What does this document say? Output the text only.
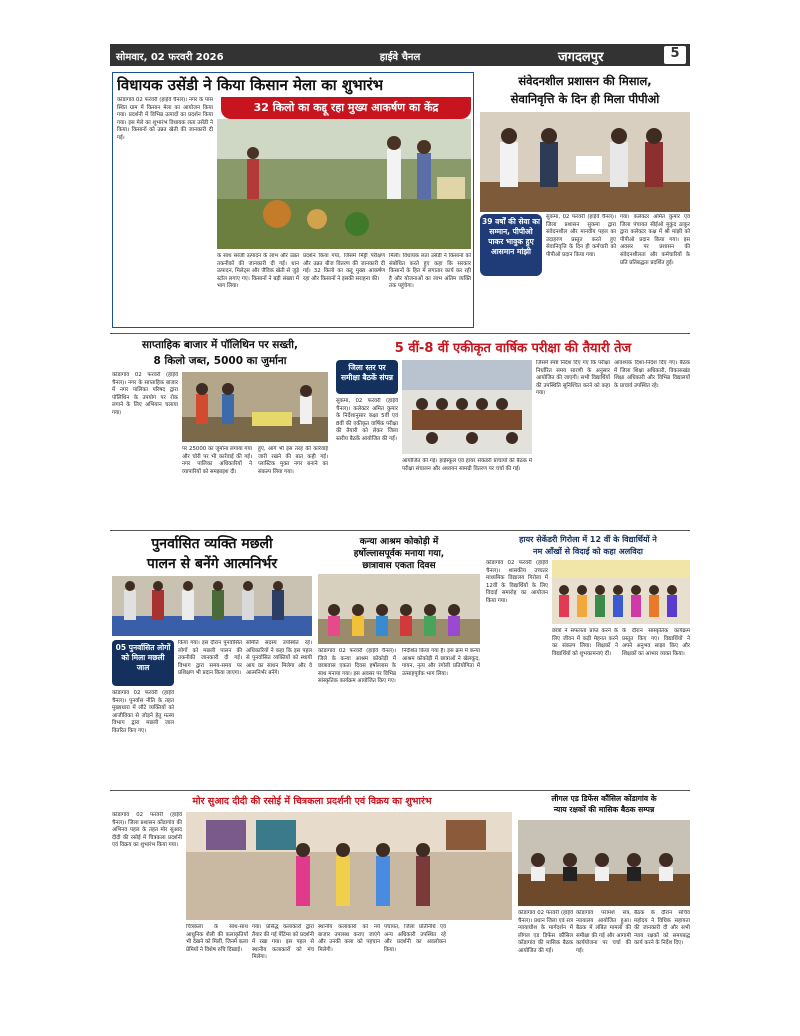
सोमवार, 02 फरवरी 2026	हाईवे चैनल	जगदलपुर	5
विधायक उसेंडी ने किया किसान मेला का शुभारंभ
कोंडागांव 02 फरवरी (हाईवे चैनल)। नगर के पास स्थित ग्राम में किसान मेला का आयोजन किया गया। प्रदर्शनी में विभिन्न उत्पादों का प्रदर्शन किया गया। इस मेले का शुभारंभ विधायक लता उसेंडी ने किया। किसानों को उन्नत खेती की जानकारी दी गई।
32 किलो का कद्दू रहा मुख्य आकर्षण का केंद्र
के साथ सब्जी उत्पादन के लाभ और उन्नत तकनीकों की जानकारी दी गई। धान उत्पादन, मिलेट्स और जैविक खेती से जुड़े स्टॉल लगाए गए। किसानों ने बड़ी संख्या में भाग लिया।
प्रदर्शन किया गया, जिसमें मिट्टी परीक्षण और उन्नत बीज वितरण की जानकारी दी गई। 32 किलो का कद्दू मुख्य आकर्षण रहा और किसानों ने इसकी सराहना की।
मिली। विधायक लता उसेंडी ने किसानों को संबोधित करते हुए कहा कि सरकार किसानों के हित में लगातार कार्य कर रही है और योजनाओं का लाभ अंतिम व्यक्ति तक पहुंचेगा।
संवेदनशील प्रशासन की मिसाल,
सेवानिवृत्ति के दिन ही मिला पीपीओ
39 वर्षों की सेवा का सम्मान, पीपीओ पाकर भावुक हुए आसमान मांझी
सुकमा, 02 फरवरी (हाईवे चैनल)। जिला प्रशासन सुकमा द्वारा संवेदनशील और मानवीय पहल का उदाहरण प्रस्तुत करते हुए सेवानिवृत्ति के दिन ही कर्मचारी को पीपीओ प्रदान किया गया।
गया। कलेक्टर अमित कुमार एवं जिला पंचायत सीईओ मुकुंद ठाकुर द्वारा कलेक्टर कक्ष में श्री मांझी को पीपीओ प्रदान किया गया। इस अवसर पर प्रशासन की संवेदनशीलता और कर्मचारियों के प्रति प्रतिबद्धता प्रदर्शित हुई।
साप्ताहिक बाजार में पॉलिथिन पर सख्ती,
8 किलो जब्त, 5000 का जुर्माना
कोंडागांव 02 फरवरी (हाईवे चैनल)। नगर के साप्ताहिक बाजार में नगर पालिका परिषद द्वारा पॉलिथिन के उपयोग पर रोक लगाने के लिए अभियान चलाया गया।
पर 25000 का जुर्माना लगाया गया और चोरी पर भी कार्रवाई की गई। नगर पालिका अधिकारियों ने व्यापारियों को समझाइश दी।
हुए, आगे भी इस तरह की कार्रवाई जारी रखने की बात कही गई। प्लास्टिक मुक्त नगर बनाने का संकल्प लिया गया।
5 वीं-8 वीं एकीकृत वार्षिक परीक्षा की तैयारी तेज
जिला स्तर पर समीक्षा बैठकें संपन्न
सुकमा, 02 फरवरी (हाईवे चैनल)। कलेक्टर अमित कुमार के निर्देशानुसार कक्षा 5वीं एवं 8वीं की एकीकृत वार्षिक परीक्षा की तैयारी को लेकर जिला स्तरीय बैठकें आयोजित की गईं।
आयोजित की गई। हाईस्कूल एवं हायर सेकेंडरी प्राचार्यों की बैठक में परीक्षा संचालन और अध्ययन सामग्री वितरण पर चर्चा की गई।
जिसमें स्पष्ट निर्देश दिए गए कि परीक्षा निर्धारित समय सारणी के अनुसार आयोजित की जाएगी। सभी विद्यार्थियों की उपस्थिति सुनिश्चित करने को कहा गया।
आवश्यक दिशा-निर्देश दिए गए। बैठक में जिला शिक्षा अधिकारी, विकासखंड शिक्षा अधिकारी और विभिन्न विद्यालयों के प्राचार्य उपस्थित रहे।
पुनर्वासित व्यक्ति मछली
पालन से बनेंगे आत्मनिर्भर
05 पुनर्वासित लोगों को मिला मछली जाल
कोंडागांव 02 फरवरी (हाईवे चैनल)। पुनर्वास नीति के तहत मुख्यधारा में लौटे व्यक्तियों को आजीविका से जोड़ने हेतु मत्स्य विभाग द्वारा मछली जाल वितरित किए गए।
किया गया। इस दौरान पुनर्वासित लोगों को मछली पालन की तकनीकी जानकारी दी गई। विभाग द्वारा समय-समय पर प्रशिक्षण भी प्रदान किया जाएगा।
समिति सदस्य उपस्थित रहे। अधिकारियों ने कहा कि इस पहल से पुनर्वासित व्यक्तियों को स्थायी आय का साधन मिलेगा और वे आत्मनिर्भर बनेंगे।
कन्या आश्रम कोकोड़ी में
हर्षोल्लासपूर्वक मनाया गया,
छात्रावास एकता दिवस
कोंडागांव 02 फरवरी (हाईवे चैनल)। जिले के कन्या आश्रम कोकोड़ी में छात्रावास एकता दिवस हर्षोल्लास के साथ मनाया गया। इस अवसर पर विभिन्न सांस्कृतिक कार्यक्रम आयोजित किए गए।
निर्देशित किया गया है। इस क्रम में कन्या आश्रम कोकोड़ी में छात्राओं ने खेलकूद, गायन, नृत्य और रंगोली प्रतियोगिता में उत्साहपूर्वक भाग लिया।
हायर सेकेंडरी गिरोला में 12 वीं के विद्यार्थियों ने
नम आँखों से विदाई को कहा अलविदा
कोंडागांव 02 फरवरी (हाईवे चैनल)। शासकीय उच्चतर माध्यमिक विद्यालय गिरोला में 12वीं के विद्यार्थियों के लिए विदाई समारोह का आयोजन किया गया।
छात्रों ने सफलता प्राप्त करने के लिए जीवन में कड़ी मेहनत करने का संकल्प लिया। शिक्षकों ने विद्यार्थियों को शुभकामनाएं दीं।
के दौरान सांस्कृतिक कार्यक्रम प्रस्तुत किए गए। विद्यार्थियों ने अपने अनुभव साझा किए और शिक्षकों का आभार व्यक्त किया।
मोर सुआद दीदी की रसोई में चित्रकला प्रदर्शनी एवं विक्रय का शुभारंभ
कोंडागांव 02 फरवरी (हाईवे चैनल)। जिला प्रशासन कोंडागांव की अभिनव पहल के तहत मोर सुआद दीदी की रसोई में चित्रकला प्रदर्शनी एवं विक्रय का शुभारंभ किया गया।
चित्रकला के साथ-साथ आधुनिक शैली की कलाकृतियाँ भी देखने को मिलीं, जिनमें कला प्रेमियों ने विशेष रुचि दिखाई।
गया। प्रसिद्ध कलाकारों द्वारा तैयार की गई पेंटिंग्स को प्रदर्शनी में रखा गया। इस पहल से स्थानीय कलाकारों को मंच मिलेगा।
स्थानीय कलाकारों को नये बाजार उपलब्ध कराए जाएंगे और उनकी कला को पहचान मिलेगी।
पंचायत, जिला प्रतिनिधि एवं अन्य अधिकारी उपस्थित रहे और प्रदर्शनी का अवलोकन किया।
लीगल एड डिफेंस कौंसिल कोंडागांव के
न्याय रक्षकों की मासिक बैठक सम्पन्न
कोंडागांव 02 फरवरी (हाईवे चैनल)। प्रधान जिला एवं सत्र न्यायाधीश के मार्गदर्शन में लीगल एड डिफेंस कौंसिल कोंडागांव की मासिक बैठक आयोजित की गई।
कोंडागांव परामर्श सत्र, न्यायालय आयोजित हुआ। बैठक में लंबित मामलों की समीक्षा की गई और आगामी कार्ययोजना पर चर्चा की गई।
बैठक के दौरान सचिव महोदय ने विधिक सहायता की जानकारी दी और सभी न्याय रक्षकों को समयबद्ध कार्य करने के निर्देश दिए।
